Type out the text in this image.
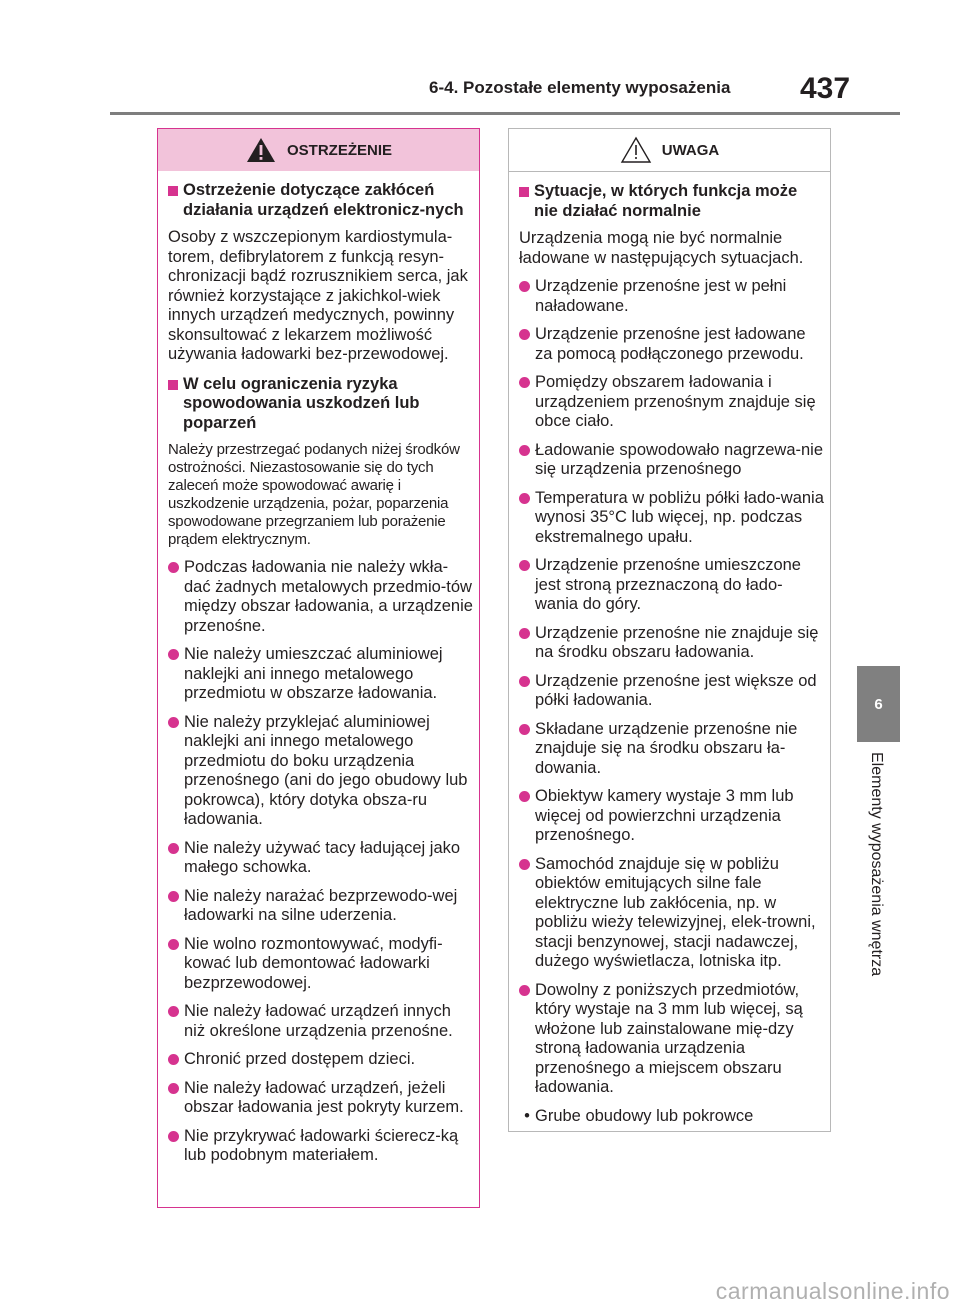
6-4. Pozostałe elementy wyposażenia 437
OSTRZEŻENIE
Ostrzeżenie dotyczące zakłóceń działania urządzeń elektronicz-nych
Osoby z wszczepionym kardiostymula-torem, defibrylatorem z funkcją resyn-chronizacji bądź rozrusznikiem serca, jak również korzystające z jakichkol-wiek innych urządzeń medycznych, powinny skonsultować z lekarzem możliwość używania ładowarki bez-przewodowej.
W celu ograniczenia ryzyka spowodowania uszkodzeń lub poparzeń
Należy przestrzegać podanych niżej środków ostrożności. Niezastosowanie się do tych zaleceń może spowodować awarię i uszkodzenie urządzenia, pożar, poparzenia spowodowane przegrzaniem lub porażenie prądem elektrycznym.
Podczas ładowania nie należy wkła-dać żadnych metalowych przedmio-tów między obszar ładowania, a urządzenie przenośne.
Nie należy umieszczać aluminiowej naklejki ani innego metalowego przedmiotu w obszarze ładowania.
Nie należy przyklejać aluminiowej naklejki ani innego metalowego przedmiotu do boku urządzenia przenośnego (ani do jego obudowy lub pokrowca), który dotyka obsza-ru ładowania.
Nie należy używać tacy ładującej jako małego schowka.
Nie należy narażać bezprzewodo-wej ładowarki na silne uderzenia.
Nie wolno rozmontowywać, modyfi-kować lub demontować ładowarki bezprzewodowej.
Nie należy ładować urządzeń innych niż określone urządzenia przenośne.
Chronić przed dostępem dzieci.
Nie należy ładować urządzeń, jeżeli obszar ładowania jest pokryty kurzem.
Nie przykrywać ładowarki ścierecz-ką lub podobnym materiałem.
UWAGA
Sytuacje, w których funkcja może nie działać normalnie
Urządzenia mogą nie być normalnie ładowane w następujących sytuacjach.
Urządzenie przenośne jest w pełni naładowane.
Urządzenie przenośne jest ładowane za pomocą podłączonego przewodu.
Pomiędzy obszarem ładowania i urządzeniem przenośnym znajduje się obce ciało.
Ładowanie spowodowało nagrzewa-nie się urządzenia przenośnego
Temperatura w pobliżu półki łado-wania wynosi 35°C lub więcej, np. podczas ekstremalnego upału.
Urządzenie przenośne umieszczone jest stroną przeznaczoną do łado-wania do góry.
Urządzenie przenośne nie znajduje się na środku obszaru ładowania.
Urządzenie przenośne jest większe od półki ładowania.
Składane urządzenie przenośne nie znajduje się na środku obszaru ła-dowania.
Obiektyw kamery wystaje 3 mm lub więcej od powierzchni urządzenia przenośnego.
Samochód znajduje się w pobliżu obiektów emitujących silne fale elektryczne lub zakłócenia, np. w pobliżu wieży telewizyjnej, elek-trowni, stacji benzynowej, stacji nadawczej, dużego wyświetlacza, lotniska itp.
Dowolny z poniższych przedmiotów, który wystaje na 3 mm lub więcej, są włożone lub zainstalowane mię-dzy stroną ładowania urządzenia przenośnego a miejscem obszaru ładowania.
• Grube obudowy lub pokrowce
6
Elementy wyposażenia wnętrza
carmanualsonline.info
